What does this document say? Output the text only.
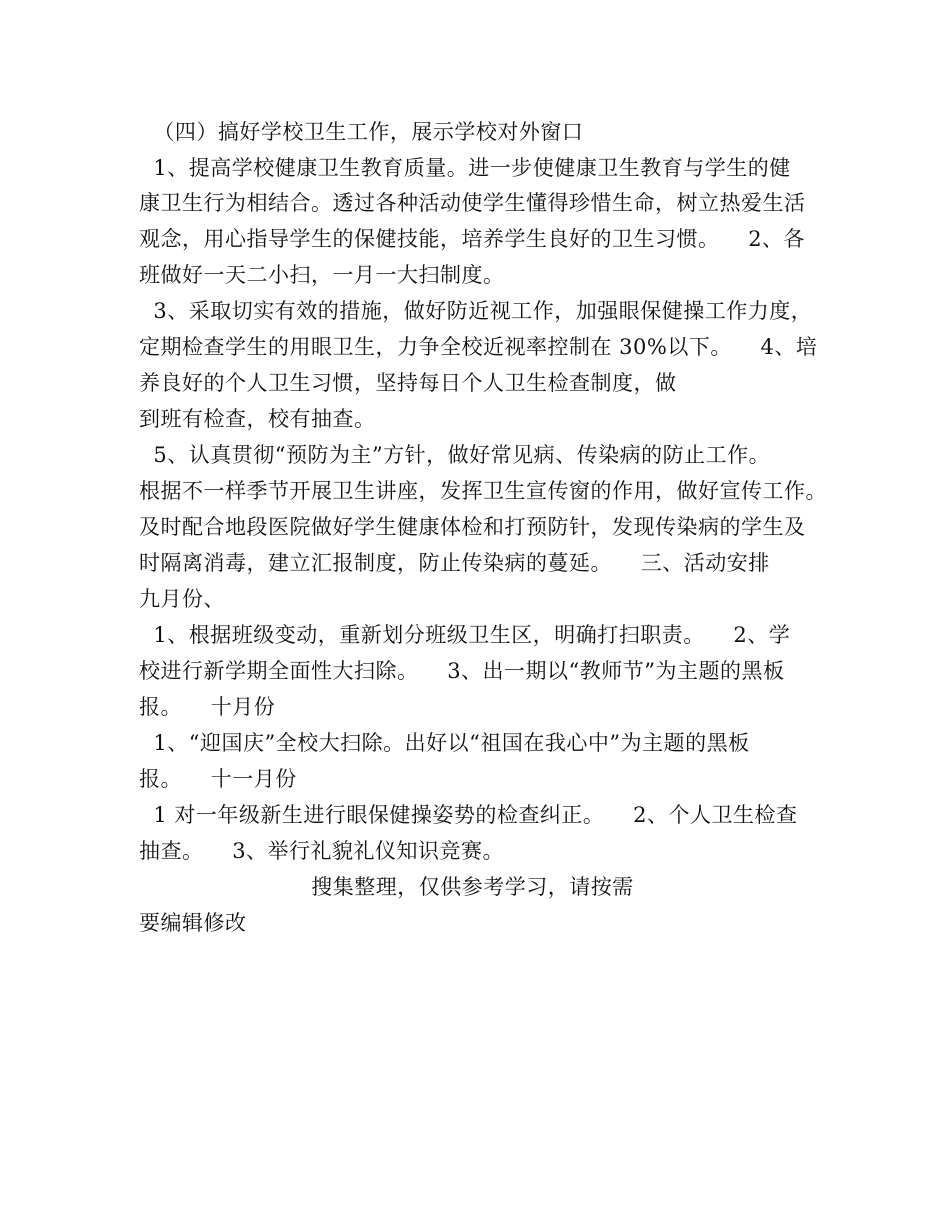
（四）搞好学校卫生工作，展示学校对外窗口
1、提高学校健康卫生教育质量。进一步使健康卫生教育与学生的健
康卫生行为相结合。透过各种活动使学生懂得珍惜生命，树立热爱生活
观念，用心指导学生的保健技能，培养学生良好的卫生习惯。    2、各
班做好一天二小扫，一月一大扫制度。
3、采取切实有效的措施，做好防近视工作，加强眼保健操工作力度，
定期检查学生的用眼卫生，力争全校近视率控制在 30%以下。    4、培
养良好的个人卫生习惯，坚持每日个人卫生检查制度，做
到班有检查，校有抽查。
5、认真贯彻“预防为主”方针，做好常见病、传染病的防止工作。
根据不一样季节开展卫生讲座，发挥卫生宣传窗的作用，做好宣传工作。
及时配合地段医院做好学生健康体检和打预防针，发现传染病的学生及
时隔离消毒，建立汇报制度，防止传染病的蔓延。    三、活动安排
九月份、
1、根据班级变动，重新划分班级卫生区，明确打扫职责。    2、学
校进行新学期全面性大扫除。    3、出一期以“教师节”为主题的黑板
报。    十月份
1、“迎国庆”全校大扫除。出好以“祖国在我心中”为主题的黑板
报。    十一月份
1 对一年级新生进行眼保健操姿势的检查纠正。    2、个人卫生检查
抽查。    3、举行礼貌礼仪知识竞赛。
搜集整理，仅供参考学习，请按需
要编辑修改
